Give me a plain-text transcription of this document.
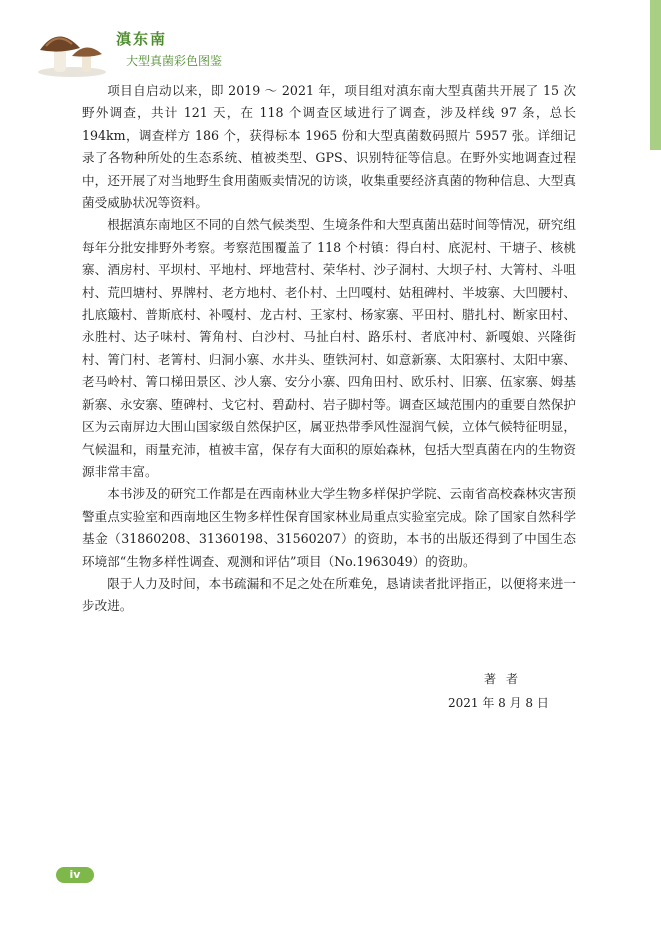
滇东南
大型真菌彩色图鉴

项目自启动以来，即 2019 ～ 2021 年，项目组对滇东南大型真菌共开展了 15 次野外调查，共计 121 天，在 118 个调查区域进行了调查，涉及样线 97 条，总长 194km，调查样方 186 个，获得标本 1965 份和大型真菌数码照片 5957 张。详细记录了各物种所处的生态系统、植被类型、GPS、识别特征等信息。在野外实地调查过程中，还开展了对当地野生食用菌贩卖情况的访谈，收集重要经济真菌的物种信息、大型真菌受威胁状况等资料。

根据滇东南地区不同的自然气候类型、生境条件和大型真菌出菇时间等情况，研究组每年分批安排野外考察。考察范围覆盖了 118 个村镇：得白村、底泥村、干塘子、核桃寨、酒房村、平坝村、平地村、坪地营村、荣华村、沙子洞村、大坝子村、大箐村、斗咀村、荒凹塘村、界牌村、老方地村、老仆村、土凹嘎村、姑租碑村、半坡寨、大凹腰村、扎底簸村、普斯底村、补嘎村、龙古村、王家村、杨家寨、平田村、腊扎村、断家田村、永胜村、达子味村、箐角村、白沙村、马扯白村、路乐村、者底冲村、新嘎娘、兴隆街村、箐门村、老箐村、归洞小寨、水井头、堕铁河村、如意新寨、太阳寨村、太阳中寨、老马岭村、箐口梯田景区、沙人寨、安分小寨、四角田村、欧乐村、旧寨、伍家寨、姆基新寨、永安寨、堕碑村、戈它村、碧勐村、岩子脚村等。调查区域范围内的重要自然保护区为云南屏边大围山国家级自然保护区，属亚热带季风性湿润气候，立体气候特征明显，气候温和，雨量充沛，植被丰富，保存有大面积的原始森林，包括大型真菌在内的生物资源非常丰富。

本书涉及的研究工作都是在西南林业大学生物多样保护学院、云南省高校森林灾害预警重点实验室和西南地区生物多样性保育国家林业局重点实验室完成。除了国家自然科学基金（31860208、31360198、31560207）的资助，本书的出版还得到了中国生态环境部“生物多样性调查、观测和评估”项目（No.1963049）的资助。

限于人力及时间，本书疏漏和不足之处在所难免，恳请读者批评指正，以便将来进一步改进。

著者
2021 年 8 月 8 日
iv
